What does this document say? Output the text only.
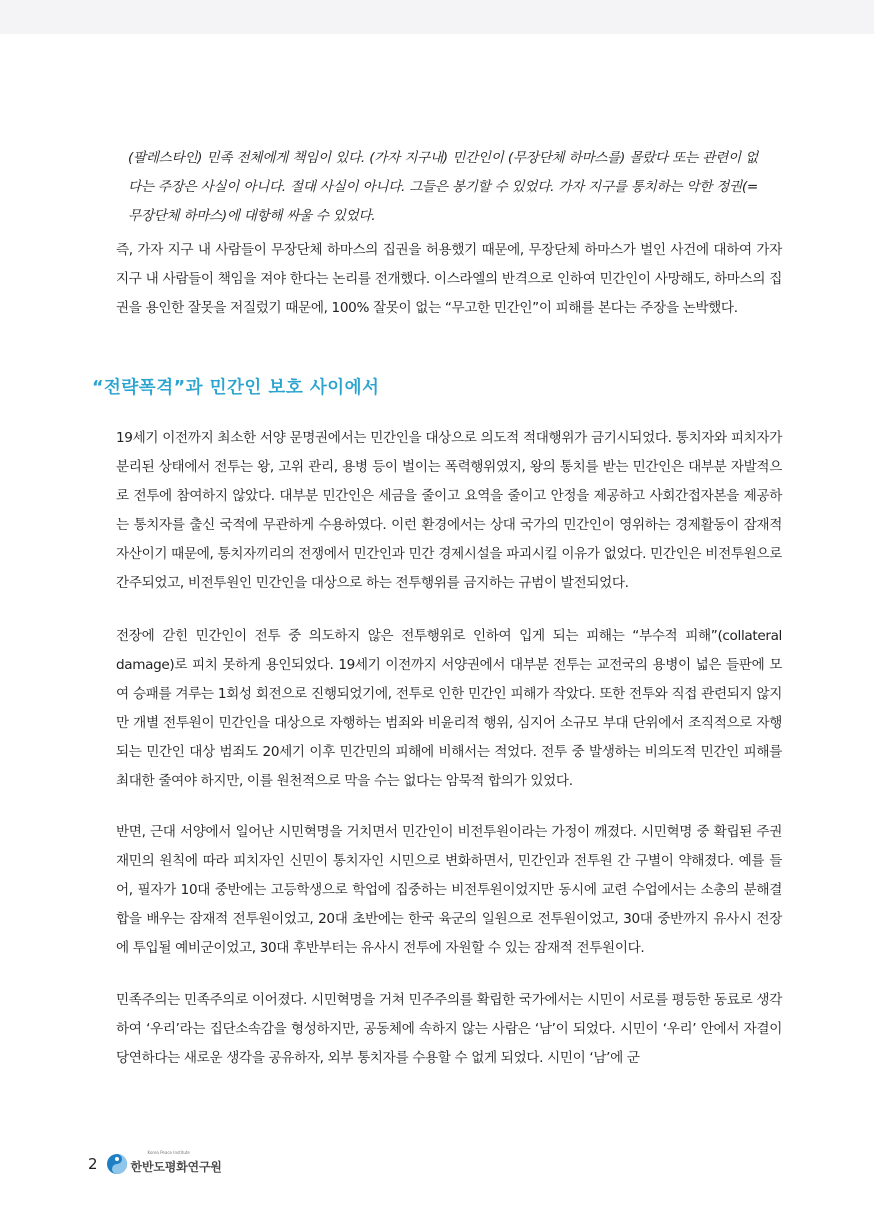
(팔레스타인) 민족 전체에게 책임이 있다. (가자 지구내) 민간인이 (무장단체 하마스를) 몰랐다 또는 관련이 없다는 주장은 사실이 아니다. 절대 사실이 아니다. 그들은 봉기할 수 있었다. 가자 지구를 통치하는 악한 정권(=무장단체 하마스)에 대항해 싸울 수 있었다.
즉, 가자 지구 내 사람들이 무장단체 하마스의 집권을 허용했기 때문에, 무장단체 하마스가 벌인 사건에 대하여 가자 지구 내 사람들이 책임을 져야 한다는 논리를 전개했다. 이스라엘의 반격으로 인하여 민간인이 사망해도, 하마스의 집권을 용인한 잘못을 저질렀기 때문에, 100% 잘못이 없는 “무고한 민간인”이 피해를 본다는 주장을 논박했다.
“전략폭격”과 민간인 보호 사이에서
19세기 이전까지 최소한 서양 문명권에서는 민간인을 대상으로 의도적 적대행위가 금기시되었다. 통치자와 피치자가 분리된 상태에서 전투는 왕, 고위 관리, 용병 등이 벌이는 폭력행위였지, 왕의 통치를 받는 민간인은 대부분 자발적으로 전투에 참여하지 않았다. 대부분 민간인은 세금을 줄이고 요역을 줄이고 안정을 제공하고 사회간접자본을 제공하는 통치자를 출신 국적에 무관하게 수용하였다. 이런 환경에서는 상대 국가의 민간인이 영위하는 경제활동이 잠재적 자산이기 때문에, 통치자끼리의 전쟁에서 민간인과 민간 경제시설을 파괴시킬 이유가 없었다. 민간인은 비전투원으로 간주되었고, 비전투원인 민간인을 대상으로 하는 전투행위를 금지하는 규범이 발전되었다.
전장에 갇힌 민간인이 전투 중 의도하지 않은 전투행위로 인하여 입게 되는 피해는 “부수적 피해”(collateral damage)로 피치 못하게 용인되었다. 19세기 이전까지 서양권에서 대부분 전투는 교전국의 용병이 넓은 들판에 모여 승패를 겨루는 1회성 회전으로 진행되었기에, 전투로 인한 민간인 피해가 작았다. 또한 전투와 직접 관련되지 않지만 개별 전투원이 민간인을 대상으로 자행하는 범죄와 비윤리적 행위, 심지어 소규모 부대 단위에서 조직적으로 자행되는 민간인 대상 범죄도 20세기 이후 민간민의 피해에 비해서는 적었다. 전투 중 발생하는 비의도적 민간인 피해를 최대한 줄여야 하지만, 이를 원천적으로 막을 수는 없다는 암묵적 합의가 있었다.
반면, 근대 서양에서 일어난 시민혁명을 거치면서 민간인이 비전투원이라는 가정이 깨졌다. 시민혁명 중 확립된 주권재민의 원칙에 따라 피치자인 신민이 통치자인 시민으로 변화하면서, 민간인과 전투원 간 구별이 약해졌다. 예를 들어, 필자가 10대 중반에는 고등학생으로 학업에 집중하는 비전투원이었지만 동시에 교련 수업에서는 소총의 분해결합을 배우는 잠재적 전투원이었고, 20대 초반에는 한국 육군의 일원으로 전투원이었고, 30대 중반까지 유사시 전장에 투입될 예비군이었고, 30대 후반부터는 유사시 전투에 자원할 수 있는 잠재적 전투원이다.
민족주의는 민족주의로 이어졌다. 시민혁명을 거쳐 민주주의를 확립한 국가에서는 시민이 서로를 평등한 동료로 생각하여 ‘우리’라는 집단소속감을 형성하지만, 공동체에 속하지 않는 사람은 ‘남’이 되었다. 시민이 ‘우리’ 안에서 자결이 당연하다는 새로운 생각을 공유하자, 외부 통치자를 수용할 수 없게 되었다. 시민이 ‘남’에 군
2
Korea Peace Institute
한반도평화연구원
